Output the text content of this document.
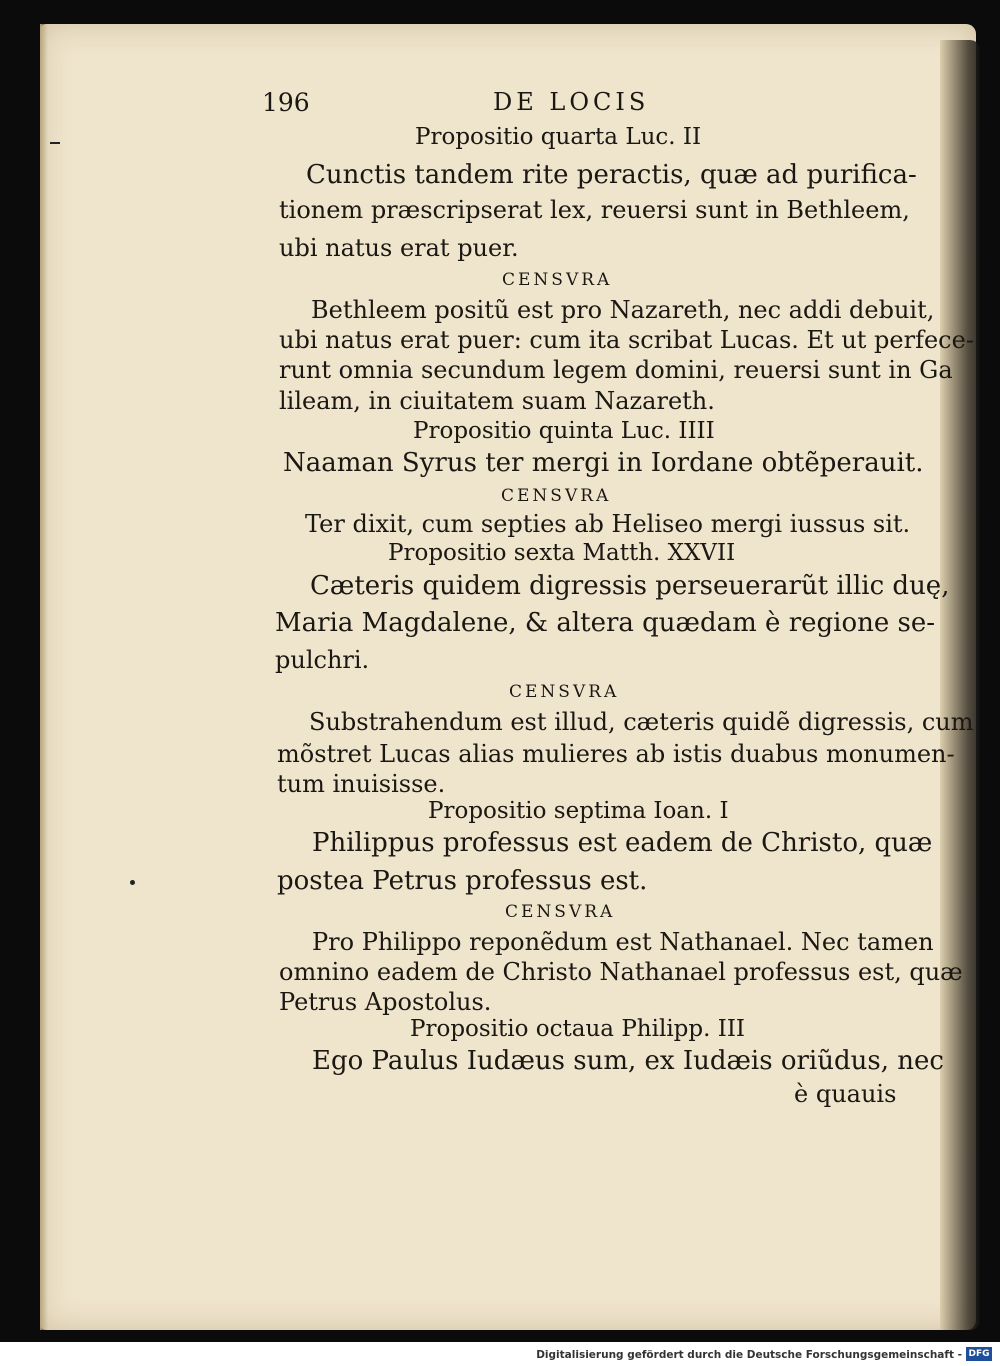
196	DE LOCIS
Propositio quarta Luc. II
Cunctis tandem rite peractis, quæ ad purifica-
tionem præscripserat lex, reuersi sunt in Bethleem,
ubi natus erat puer.
CENSVRA
Bethleem positũ est pro Nazareth, nec addi debuit,
ubi natus erat puer: cum ita scribat Lucas. Et ut perfece-
runt omnia secundum legem domini, reuersi sunt in Ga
lileam, in ciuitatem suam Nazareth.
Propositio quinta Luc. IIII
Naaman Syrus ter mergi in Iordane obtẽperauit.
CENSVRA
Ter dixit, cum septies ab Heliseo mergi iussus sit.
Propositio sexta Matth. XXVII
Cæteris quidem digressis perseuerarũt illic duę,
Maria Magdalene, & altera quædam è regione se-
pulchri.
CENSVRA
Substrahendum est illud, cæteris quidẽ digressis, cum
mõstret Lucas alias mulieres ab istis duabus monumen-
tum inuisisse.
Propositio septima Ioan. I
Philippus professus est eadem de Christo, quæ
postea Petrus professus est.
CENSVRA
Pro Philippo reponẽdum est Nathanael. Nec tamen
omnino eadem de Christo Nathanael professus est, quæ
Petrus Apostolus.
Propositio octaua Philipp. III
Ego Paulus Iudæus sum, ex Iudæis oriũdus, nec
è quauis
Digitalisierung gefördert durch die Deutsche Forschungsgemeinschaft - DFG
